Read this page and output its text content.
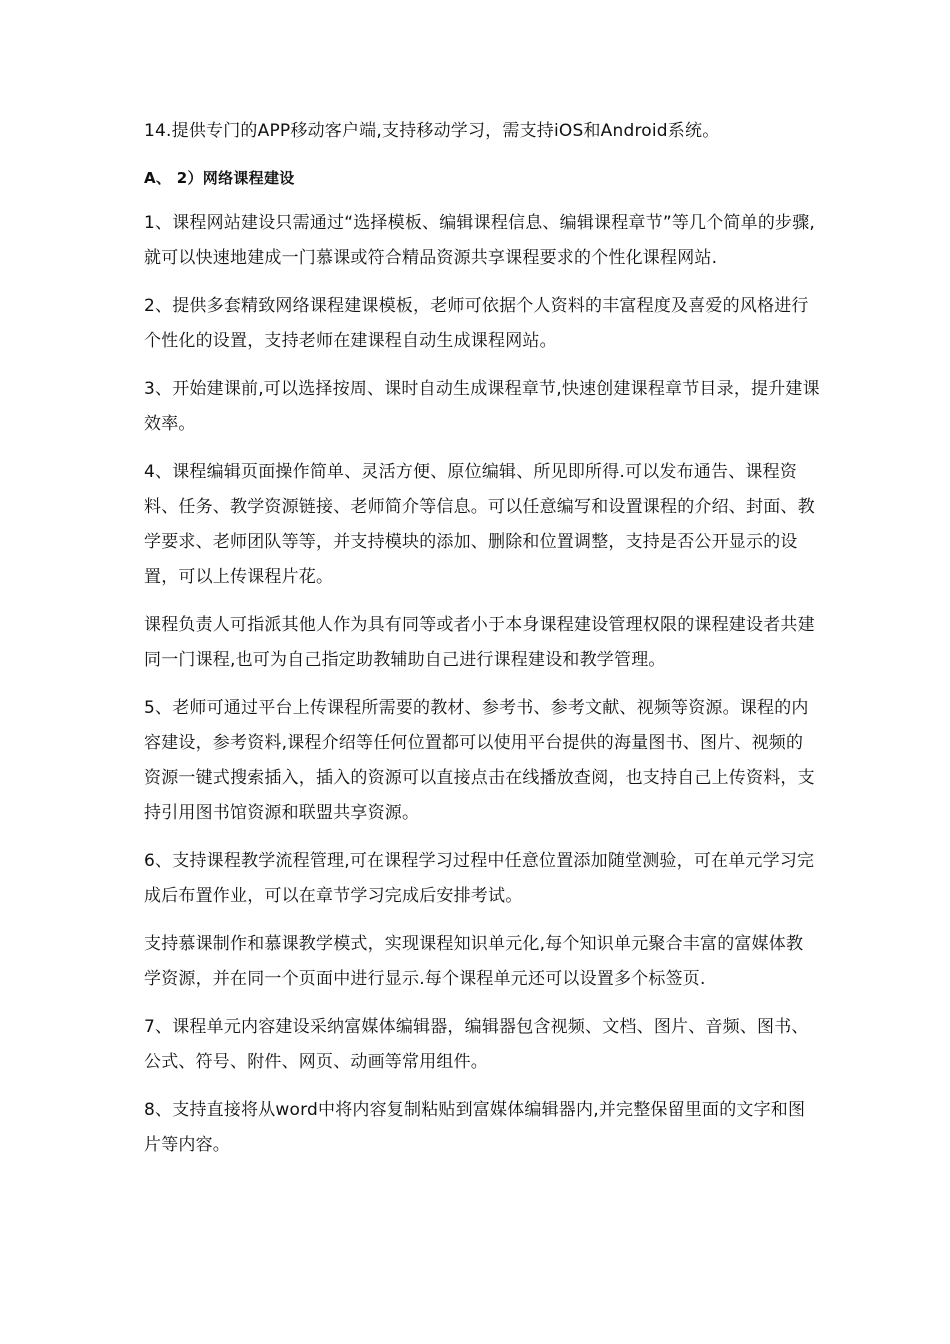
14.提供专门的APP移动客户端,支持移动学习，需支持iOS和Android系统。

A、 2）网络课程建设

1、课程网站建设只需通过“选择模板、编辑课程信息、编辑课程章节”等几个简单的步骤,就可以快速地建成一门慕课或符合精品资源共享课程要求的个性化课程网站.

2、提供多套精致网络课程建课模板，老师可依据个人资料的丰富程度及喜爱的风格进行个性化的设置，支持老师在建课程自动生成课程网站。

3、开始建课前,可以选择按周、课时自动生成课程章节,快速创建课程章节目录，提升建课效率。

4、课程编辑页面操作简单、灵活方便、原位编辑、所见即所得.可以发布通告、课程资料、任务、教学资源链接、老师简介等信息。可以任意编写和设置课程的介绍、封面、教学要求、老师团队等等，并支持模块的添加、删除和位置调整，支持是否公开显示的设置，可以上传课程片花。

课程负责人可指派其他人作为具有同等或者小于本身课程建设管理权限的课程建设者共建同一门课程,也可为自己指定助教辅助自己进行课程建设和教学管理。

5、老师可通过平台上传课程所需要的教材、参考书、参考文献、视频等资源。课程的内容建设，参考资料,课程介绍等任何位置都可以使用平台提供的海量图书、图片、视频的资源一键式搜索插入，插入的资源可以直接点击在线播放查阅，也支持自己上传资料，支持引用图书馆资源和联盟共享资源。

6、支持课程教学流程管理,可在课程学习过程中任意位置添加随堂测验，可在单元学习完成后布置作业，可以在章节学习完成后安排考试。

支持慕课制作和慕课教学模式，实现课程知识单元化,每个知识单元聚合丰富的富媒体教学资源，并在同一个页面中进行显示.每个课程单元还可以设置多个标签页.

7、课程单元内容建设采纳富媒体编辑器，编辑器包含视频、文档、图片、音频、图书、公式、符号、附件、网页、动画等常用组件。

8、支持直接将从word中将内容复制粘贴到富媒体编辑器内,并完整保留里面的文字和图片等内容。
